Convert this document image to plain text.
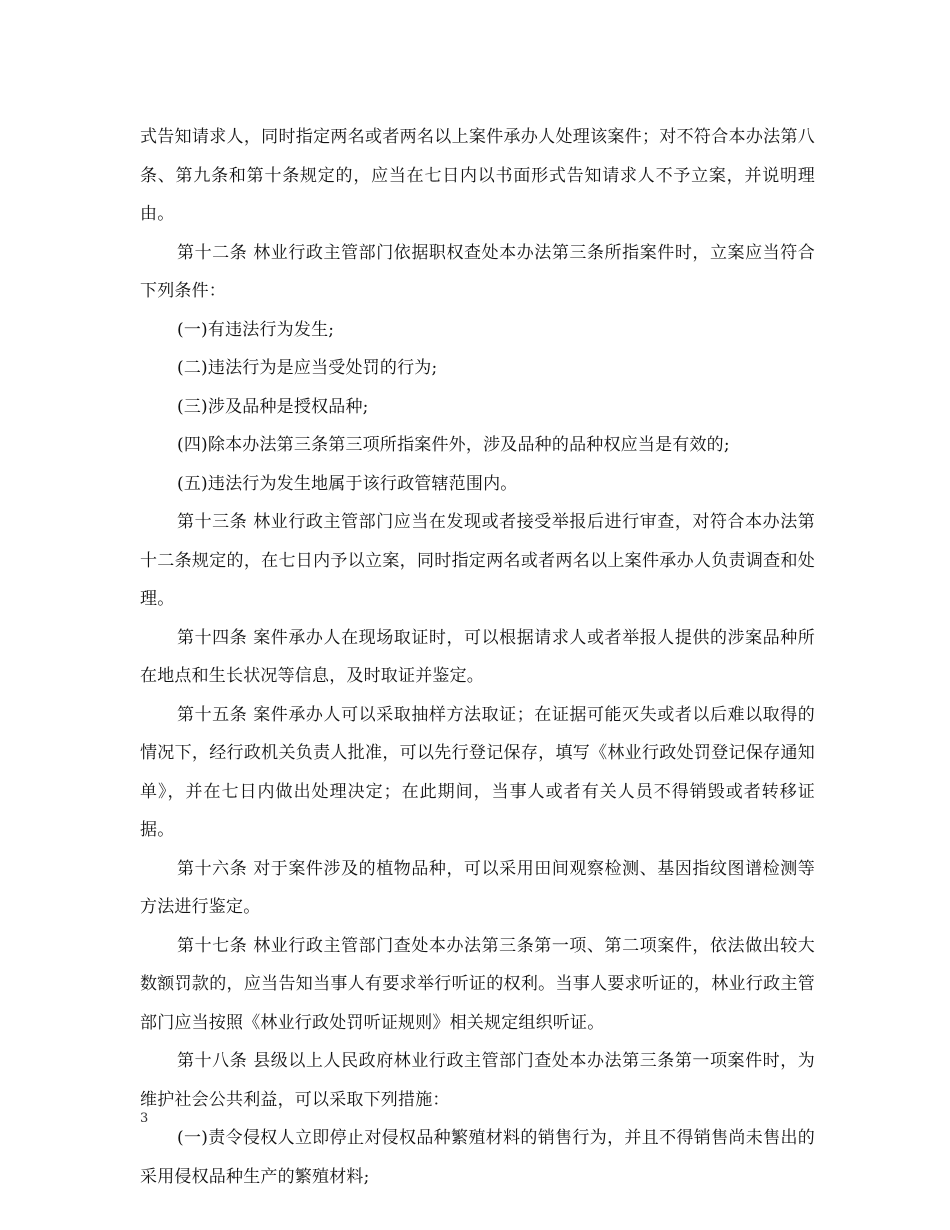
式告知请求人，同时指定两名或者两名以上案件承办人处理该案件；对不符合本办法第八条、第九条和第十条规定的，应当在七日内以书面形式告知请求人不予立案，并说明理由。

第十二条 林业行政主管部门依据职权查处本办法第三条所指案件时，立案应当符合下列条件：

(一)有违法行为发生;

(二)违法行为是应当受处罚的行为;

(三)涉及品种是授权品种;

(四)除本办法第三条第三项所指案件外，涉及品种的品种权应当是有效的;

(五)违法行为发生地属于该行政管辖范围内。

第十三条 林业行政主管部门应当在发现或者接受举报后进行审查，对符合本办法第十二条规定的，在七日内予以立案，同时指定两名或者两名以上案件承办人负责调查和处理。

第十四条 案件承办人在现场取证时，可以根据请求人或者举报人提供的涉案品种所在地点和生长状况等信息，及时取证并鉴定。

第十五条 案件承办人可以采取抽样方法取证；在证据可能灭失或者以后难以取得的情况下，经行政机关负责人批准，可以先行登记保存，填写《林业行政处罚登记保存通知单》，并在七日内做出处理决定；在此期间，当事人或者有关人员不得销毁或者转移证据。

第十六条 对于案件涉及的植物品种，可以采用田间观察检测、基因指纹图谱检测等方法进行鉴定。

第十七条 林业行政主管部门查处本办法第三条第一项、第二项案件，依法做出较大数额罚款的，应当告知当事人有要求举行听证的权利。当事人要求听证的，林业行政主管部门应当按照《林业行政处罚听证规则》相关规定组织听证。

第十八条 县级以上人民政府林业行政主管部门查处本办法第三条第一项案件时，为维护社会公共利益，可以采取下列措施：

(一)责令侵权人立即停止对侵权品种繁殖材料的销售行为，并且不得销售尚未售出的采用侵权品种生产的繁殖材料;

3
